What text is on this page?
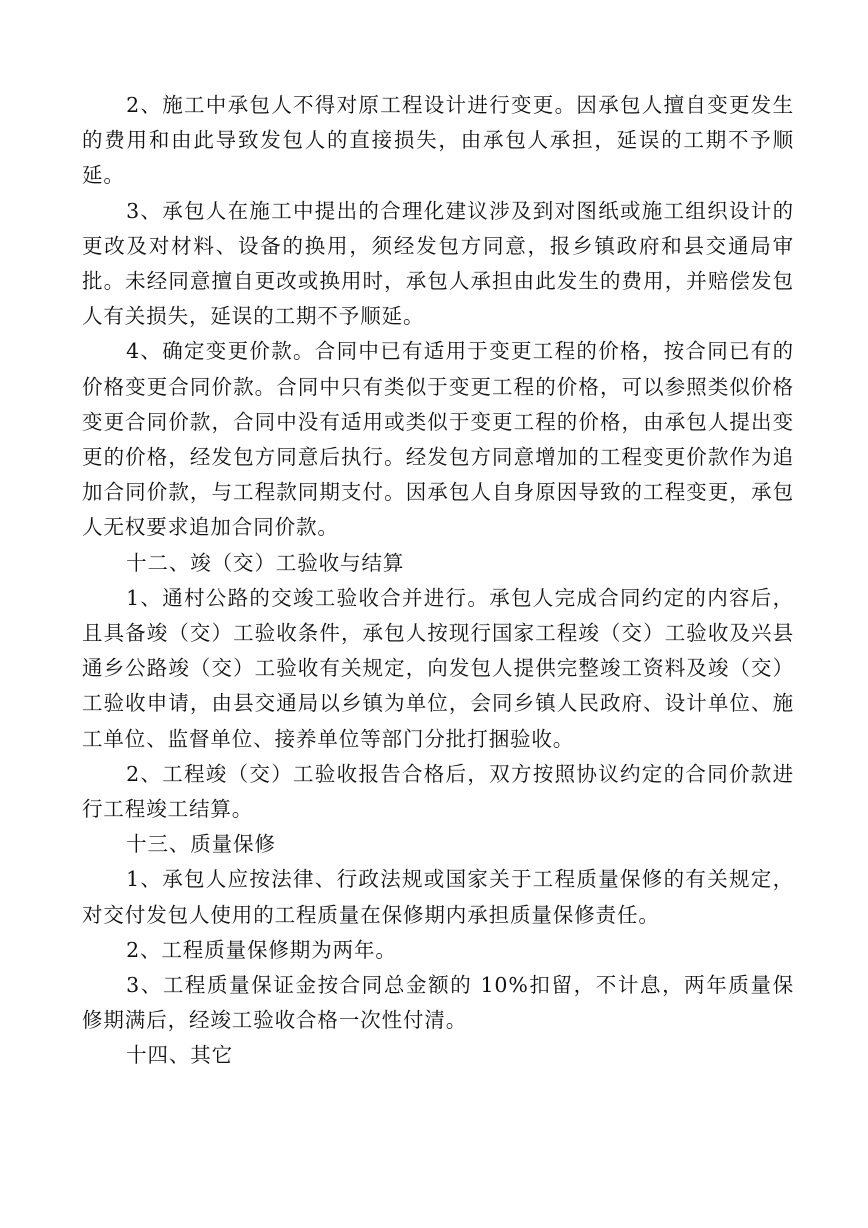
2、施工中承包人不得对原工程设计进行变更。因承包人擅自变更发生的费用和由此导致发包人的直接损失，由承包人承担，延误的工期不予顺延。

3、承包人在施工中提出的合理化建议涉及到对图纸或施工组织设计的更改及对材料、设备的换用，须经发包方同意，报乡镇政府和县交通局审批。未经同意擅自更改或换用时，承包人承担由此发生的费用，并赔偿发包人有关损失，延误的工期不予顺延。

4、确定变更价款。合同中已有适用于变更工程的价格，按合同已有的价格变更合同价款。合同中只有类似于变更工程的价格，可以参照类似价格变更合同价款，合同中没有适用或类似于变更工程的价格，由承包人提出变更的价格，经发包方同意后执行。经发包方同意增加的工程变更价款作为追加合同价款，与工程款同期支付。因承包人自身原因导致的工程变更，承包人无权要求追加合同价款。

十二、竣（交）工验收与结算

1、通村公路的交竣工验收合并进行。承包人完成合同约定的内容后，且具备竣（交）工验收条件，承包人按现行国家工程竣（交）工验收及兴县通乡公路竣（交）工验收有关规定，向发包人提供完整竣工资料及竣（交）工验收申请，由县交通局以乡镇为单位，会同乡镇人民政府、设计单位、施工单位、监督单位、接养单位等部门分批打捆验收。

2、工程竣（交）工验收报告合格后，双方按照协议约定的合同价款进行工程竣工结算。

十三、质量保修

1、承包人应按法律、行政法规或国家关于工程质量保修的有关规定，对交付发包人使用的工程质量在保修期内承担质量保修责任。

2、工程质量保修期为两年。

3、工程质量保证金按合同总金额的 10%扣留，不计息，两年质量保修期满后，经竣工验收合格一次性付清。

十四、其它
